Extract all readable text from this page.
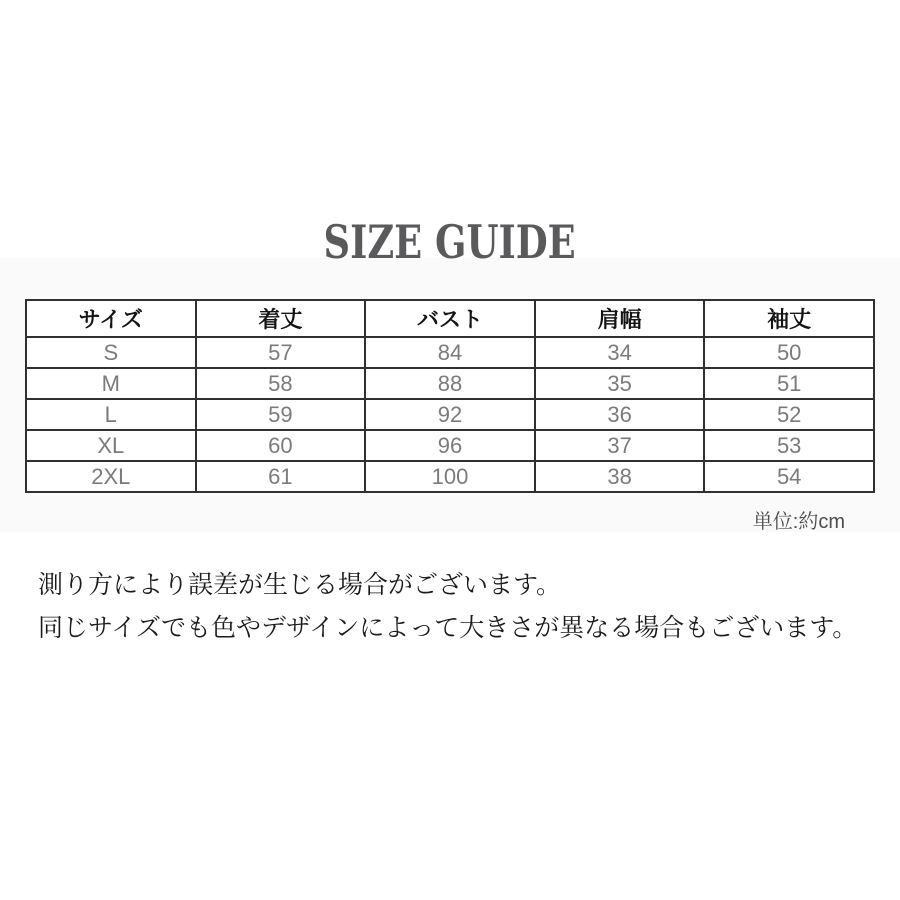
SIZE GUIDE
サイズ	着丈	バスト	肩幅	袖丈
S	57	84	34	50
M	58	88	35	51
L	59	92	36	52
XL	60	96	37	53
2XL	61	100	38	54
単位:約cm
測り方により誤差が生じる場合がございます。
同じサイズでも色やデザインによって大きさが異なる場合もございます。
